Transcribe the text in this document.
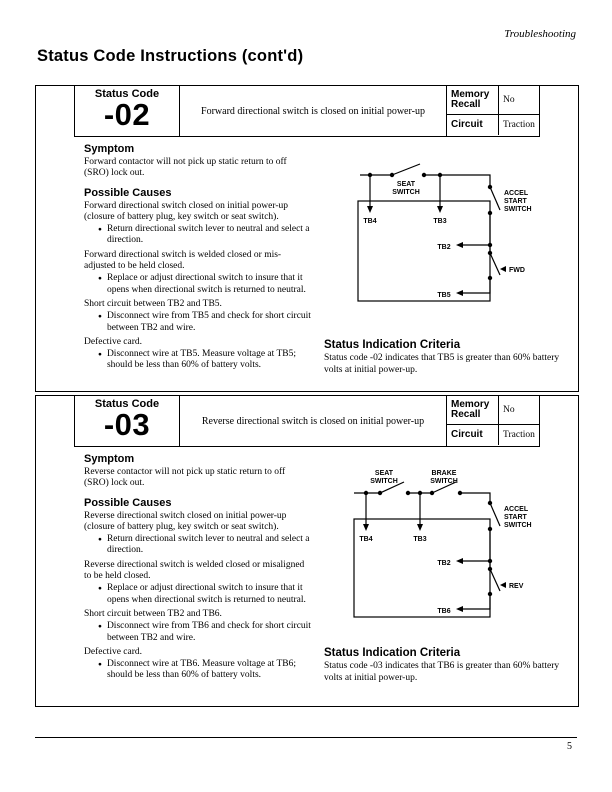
Troubleshooting
Status Code Instructions (cont'd)
Status Code
-02	Forward directional switch is closed on initial power-up
Memory Recall	No
Circuit	Traction
Symptom

Forward contactor will not pick up static return to off (SRO) lock out.

Possible Causes

Forward directional switch closed on initial power-up (closure of battery plug, key switch or seat switch).

● Return directional switch lever to neutral and select a direction.

Forward directional switch is welded closed or mis-adjusted to be held closed.

● Replace or adjust directional switch to insure that it opens when directional switch is returned to neutral.

Short circuit between TB2 and TB5.

● Disconnect wire from TB5 and check for short circuit between TB2 and wire.

Defective card.

● Disconnect wire at TB5. Measure voltage at TB5; should be less than 60% of battery volts.

SEAT
SWITCH	ACCEL
START
SWITCH
TB4	TB3
TB2
FWD
TB5
Status Indication Criteria

Status code -02 indicates that TB5 is greater than 60% battery volts at initial power-up.

Status Code
-03	Reverse directional switch is closed on initial power-up
Memory Recall	No
Circuit	Traction
Symptom

Reverse contactor will not pick up static return to off (SRO) lock out.

Possible Causes

Reverse directional switch closed on initial power-up (closure of battery plug, key switch or seat switch).

● Return directional switch lever to neutral and select a direction.

Reverse directional switch is welded closed or misaligned to be held closed.

● Replace or adjust directional switch to insure that it opens when directional switch is returned to neutral.

Short circuit between TB2 and TB6.

● Disconnect wire from TB6 and check for short circuit between TB2 and wire.

Defective card.

● Disconnect wire at TB6. Measure voltage at TB6; should be less than 60% of battery volts.

SEAT
SWITCH
BRAKE
SWITCH
ACCEL
START
SWITCH
TB4	TB3
TB2
REV
TB6
Status Indication Criteria

Status code -03 indicates that TB6 is greater than 60% battery volts at initial power-up.

5
